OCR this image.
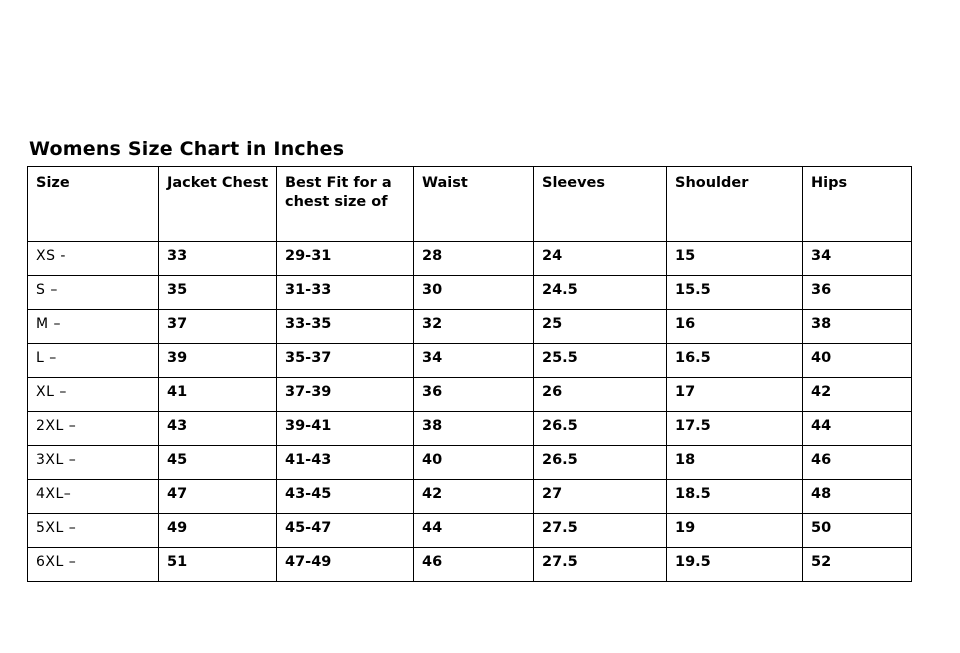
Womens Size Chart in Inches
Size	Jacket Chest	Best Fit for a chest size of	Waist	Sleeves	Shoulder	Hips
XS -	33	29-31	28	24	15	34
S –	35	31-33	30	24.5	15.5	36
M –	37	33-35	32	25	16	38
L –	39	35-37	34	25.5	16.5	40
XL –	41	37-39	36	26	17	42
2XL –	43	39-41	38	26.5	17.5	44
3XL –	45	41-43	40	26.5	18	46
4XL–	47	43-45	42	27	18.5	48
5XL –	49	45-47	44	27.5	19	50
6XL –	51	47-49	46	27.5	19.5	52
